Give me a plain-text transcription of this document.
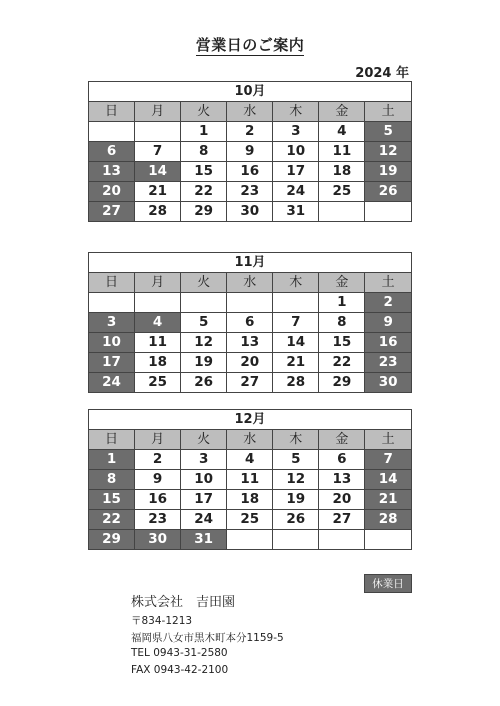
営業日のご案内
2024 年
10月						
日	月	火	水	木	金	土
		1	2	3	4	5
6	7	8	9	10	11	12
13	14	15	16	17	18	19
20	21	22	23	24	25	26
27	28	29	30	31		
11月						
日	月	火	水	木	金	土
					1	2
3	4	5	6	7	8	9
10	11	12	13	14	15	16
17	18	19	20	21	22	23
24	25	26	27	28	29	30
12月						
日	月	火	水	木	金	土
1	2	3	4	5	6	7
8	9	10	11	12	13	14
15	16	17	18	19	20	21
22	23	24	25	26	27	28
29	30	31				
休業日
株式会社　吉田園
〒834-1213
福岡県八女市黒木町本分1159-5
TEL 0943-31-2580
FAX 0943-42-2100
